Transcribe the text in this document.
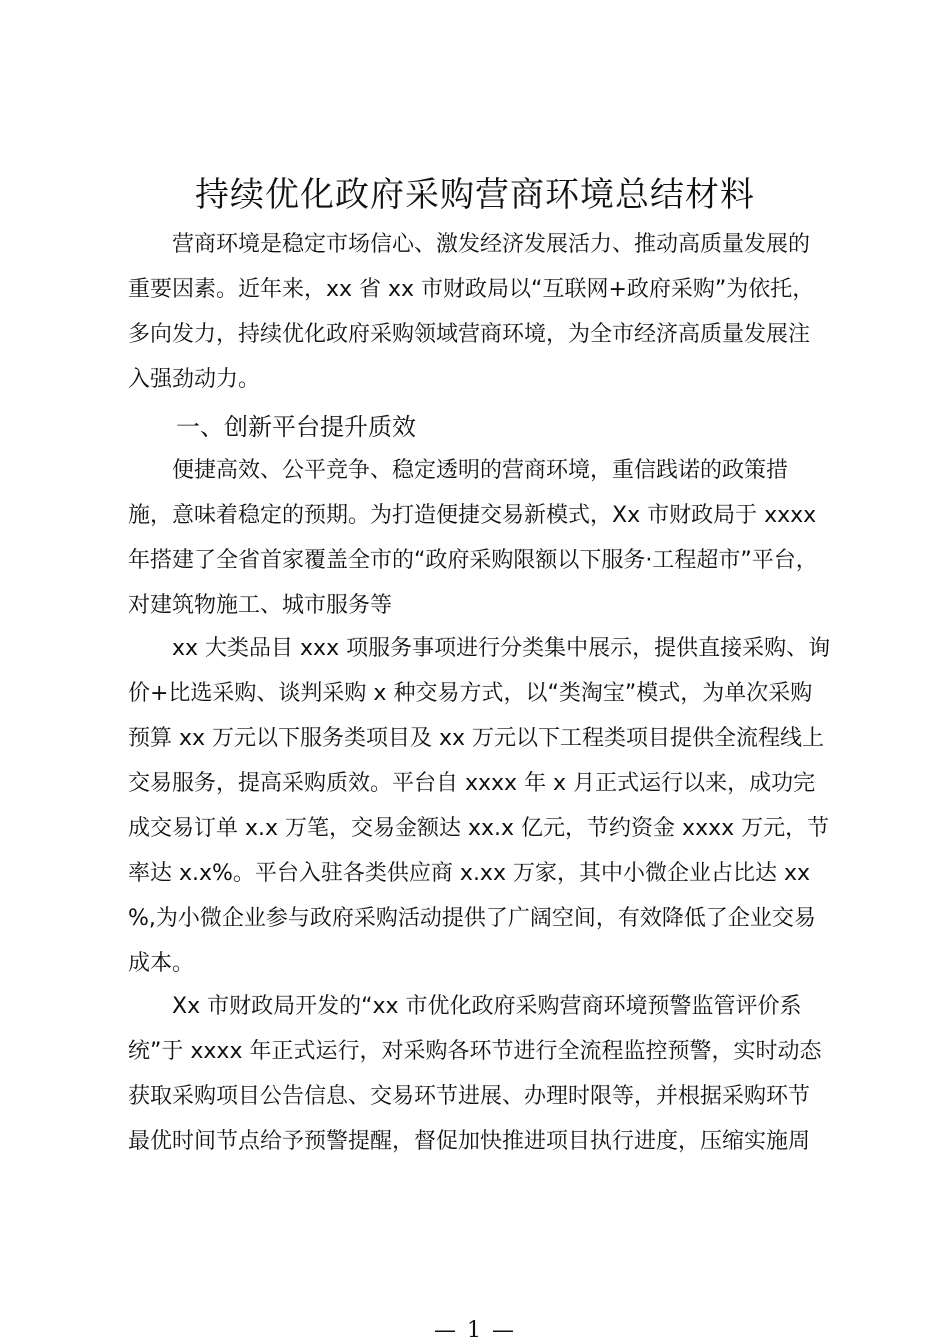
持续优化政府采购营商环境总结材料
营商环境是稳定市场信心、激发经济发展活力、推动高质量发展的
重要因素。近年来，xx 省 xx 市财政局以“互联网+政府采购”为依托，
多向发力，持续优化政府采购领域营商环境，为全市经济高质量发展注
入强劲动力。
一、创新平台提升质效
便捷高效、公平竞争、稳定透明的营商环境，重信践诺的政策措
施，意味着稳定的预期。为打造便捷交易新模式，Xx 市财政局于 xxxx
年搭建了全省首家覆盖全市的“政府采购限额以下服务·工程超市”平台，
对建筑物施工、城市服务等
xx 大类品目 xxx 项服务事项进行分类集中展示，提供直接采购、询
价+比选采购、谈判采购 x 种交易方式，以“类淘宝”模式，为单次采购
预算 xx 万元以下服务类项目及 xx 万元以下工程类项目提供全流程线上
交易服务，提高采购质效。平台自 xxxx 年 x 月正式运行以来，成功完
成交易订单 x.x 万笔，交易金额达 xx.x 亿元，节约资金 xxxx 万元，节
率达 x.x%。平台入驻各类供应商 x.xx 万家，其中小微企业占比达 xx
%,为小微企业参与政府采购活动提供了广阔空间，有效降低了企业交易
成本。
Xx 市财政局开发的“xx 市优化政府采购营商环境预警监管评价系
统”于 xxxx 年正式运行，对采购各环节进行全流程监控预警，实时动态
获取采购项目公告信息、交易环节进展、办理时限等，并根据采购环节
最优时间节点给予预警提醒，督促加快推进项目执行进度，压缩实施周
— 1 —
